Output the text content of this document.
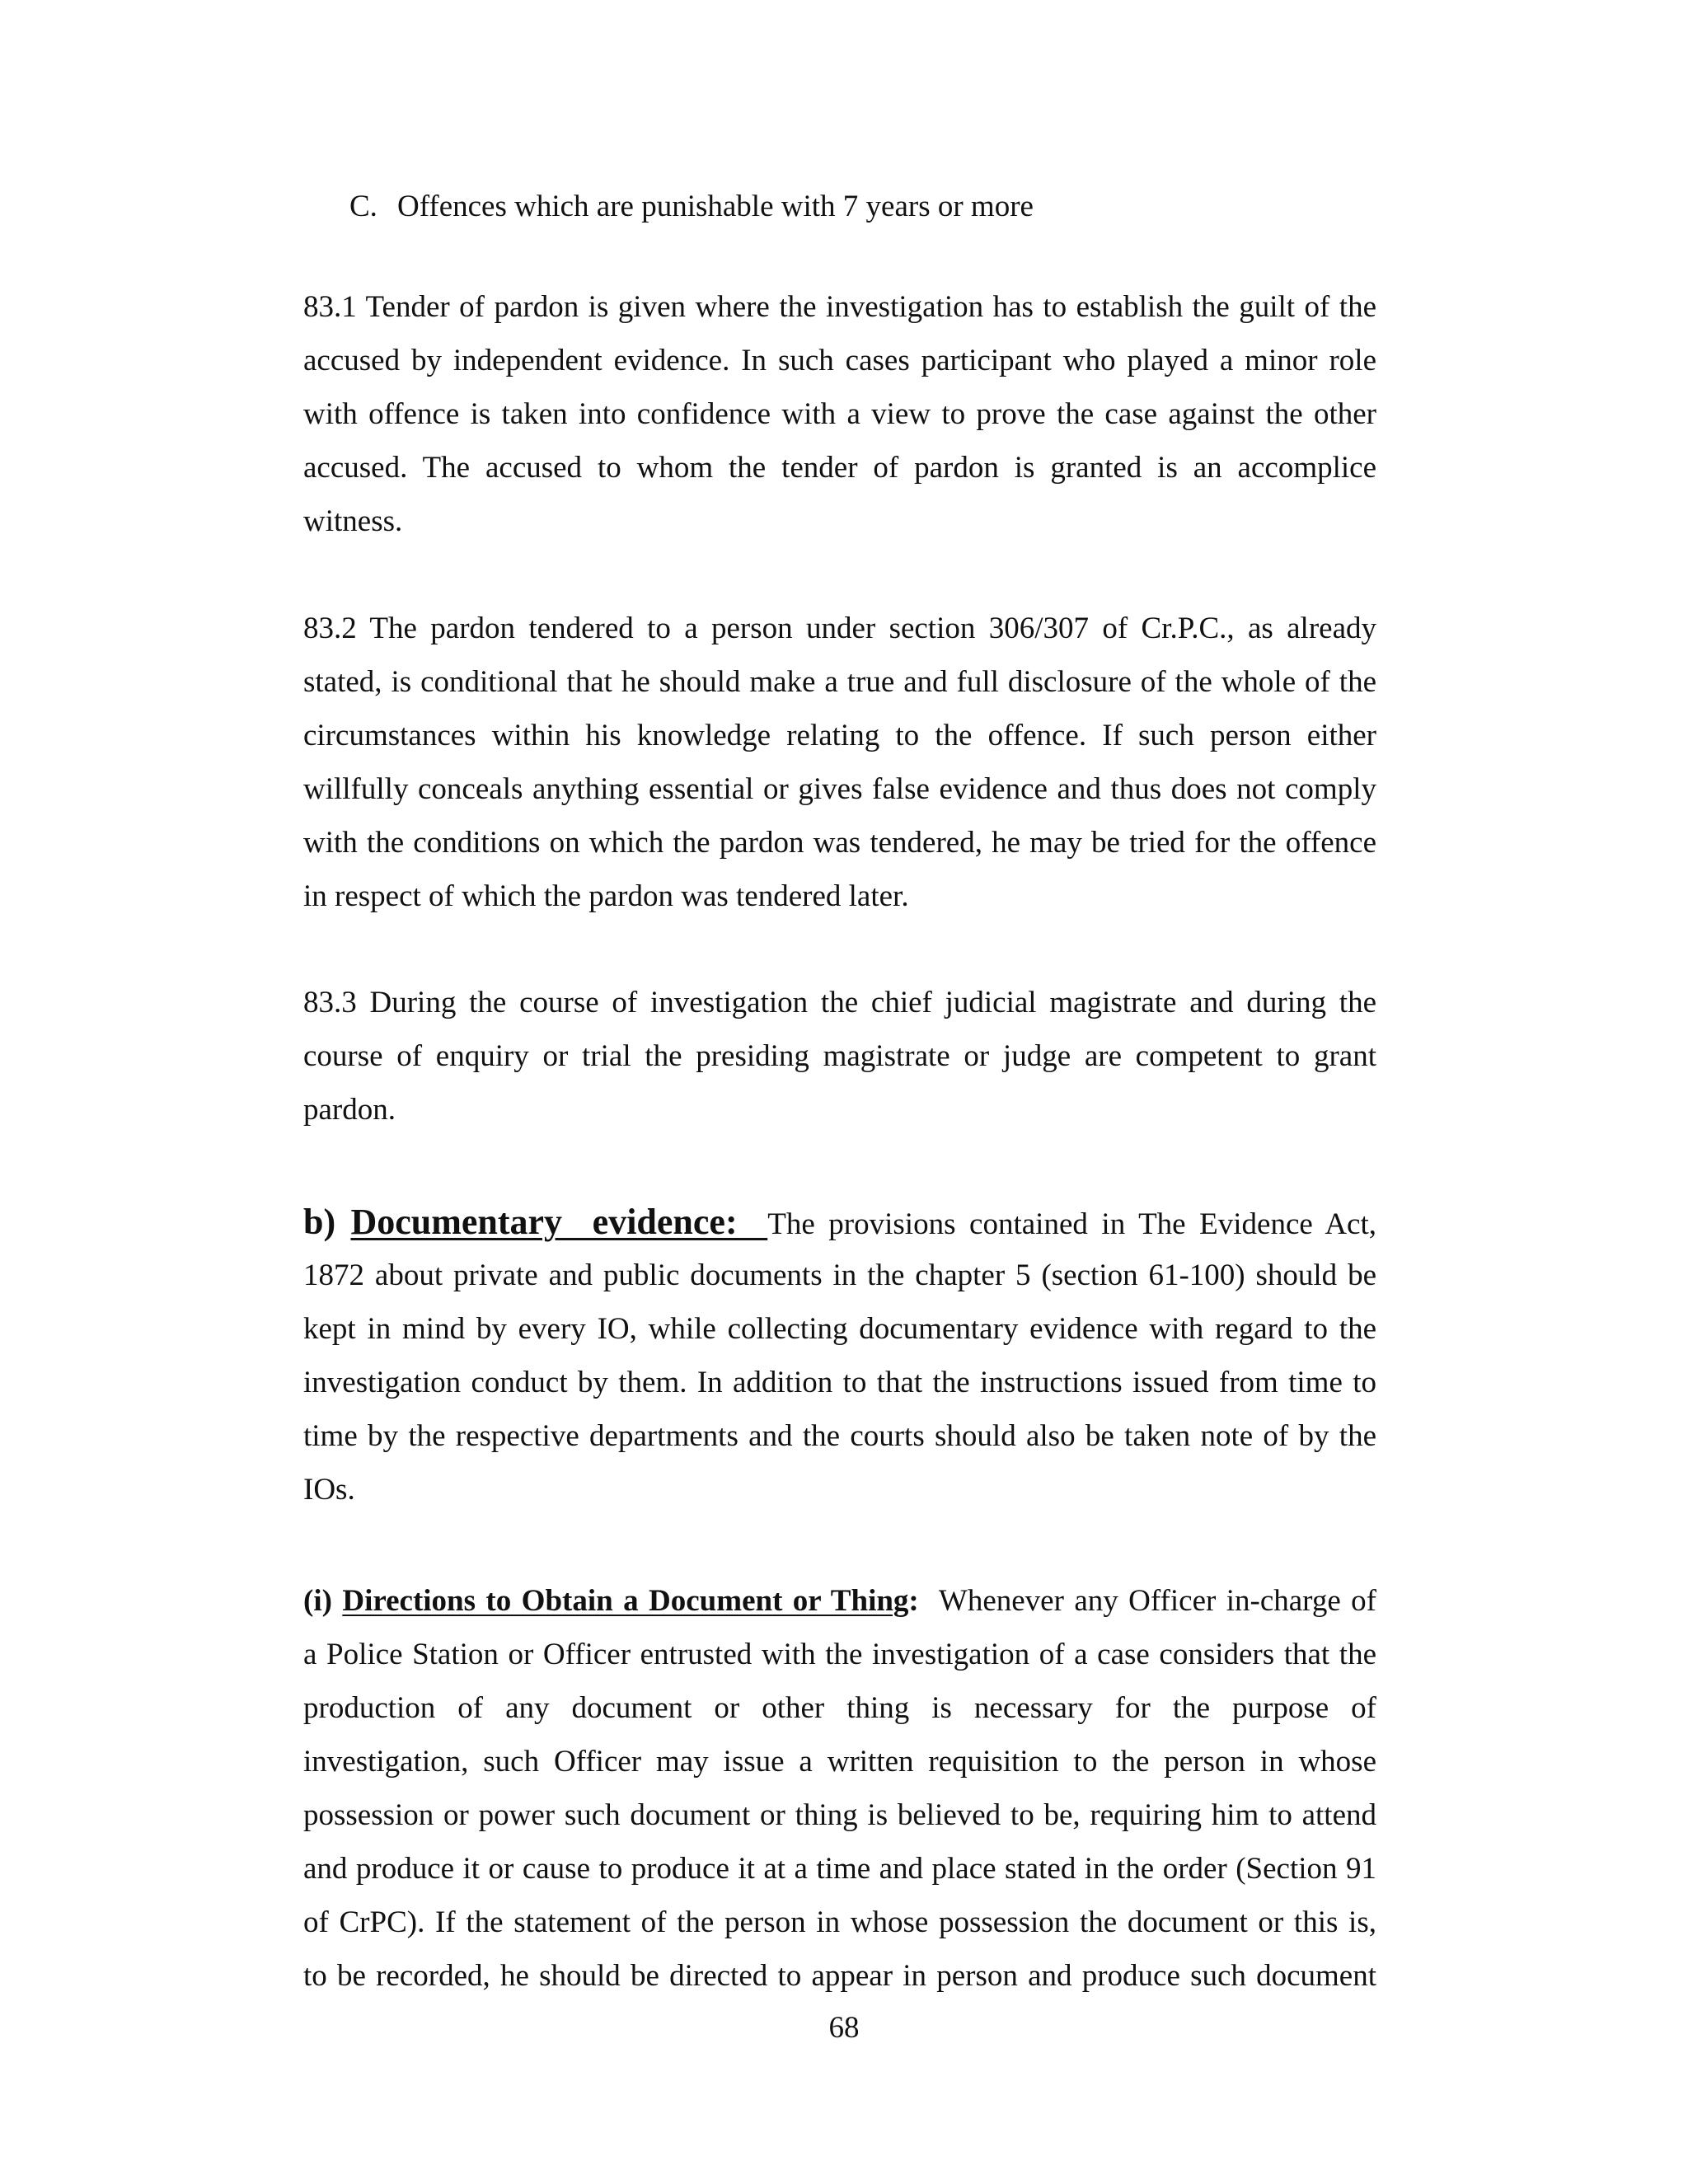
C. Offences which are punishable with 7 years or more
83.1 Tender of pardon is given where the investigation has to establish the guilt of the
accused by independent evidence. In such cases participant who played a minor role
with offence is taken into confidence with a view to prove the case against the other
accused. The accused to whom the tender of pardon is granted is an accomplice
witness.
83.2 The pardon tendered to a person under section 306/307 of Cr.P.C., as already
stated, is conditional that he should make a true and full disclosure of the whole of the
circumstances within his knowledge relating to the offence. If such person either
willfully conceals anything essential or gives false evidence and thus does not comply
with the conditions on which the pardon was tendered, he may be tried for the offence
in respect of which the pardon was tendered later.
83.3 During the course of investigation the chief judicial magistrate and during the
course of enquiry or trial the presiding magistrate or judge are competent to grant
pardon.
b) Documentary  evidence:  The provisions contained in The Evidence Act,
1872 about private and public documents in the chapter 5 (section 61-100) should be
kept in mind by every IO, while collecting documentary evidence with regard to the
investigation conduct by them. In addition to that the instructions issued from time to
time by the respective departments and the courts should also be taken note of by the
IOs.
(i) Directions to Obtain a Document or Thing:  Whenever any Officer in-charge of
a Police Station or Officer entrusted with the investigation of a case considers that the
production of any document or other thing is necessary for the purpose of
investigation, such Officer may issue a written requisition to the person in whose
possession or power such document or thing is believed to be, requiring him to attend
and produce it or cause to produce it at a time and place stated in the order (Section 91
of CrPC). If the statement of the person in whose possession the document or this is,
to be recorded, he should be directed to appear in person and produce such document
68
